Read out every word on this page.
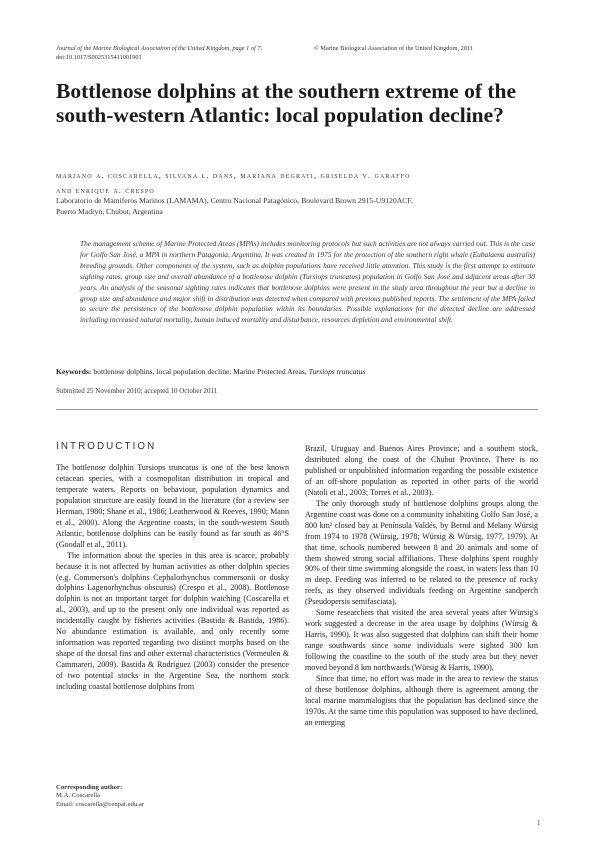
Journal of the Marine Biological Association of the United Kingdom, page 1 of 7.	© Marine Biological Association of the United Kingdom, 2011
doi:10.1017/S0025315411001901
Bottlenose dolphins at the southern extreme of the south-western Atlantic: local population decline?
mariano a. coscarella, silvana l. dans, mariana degrati, griselda v. garaffo
and enrique a. crespo
Laboratorio de Mamíferos Marinos (LAMAMA), Centro Nacional Patagónico, Boulevard Brown 2915-U9120ACF,
Puerto Madryn, Chubut, Argentina
The management scheme of Marine Protected Areas (MPAs) includes monitoring protocols but such activities are not always carried out. This is the case for Golfo San José, a MPA in northern Patagonia, Argentina. It was created in 1975 for the protection of the southern right whale (Eubalaena australis) breeding grounds. Other components of the system, such as dolphin populations have received little attention. This study is the first attempt to estimate sighting rates, group size and overall abundance of a bottlenose dolphin (Tursiops truncatus) population in Golfo San José and adjacent areas after 30 years. An analysis of the seasonal sighting rates indicates that bottlenose dolphins were present in the study area throughout the year but a decline in group size and abundance and major shift in distribution was detected when compared with previous published reports. The settlement of the MPA failed to secure the persistence of the bottlenose dolphin population within its boundaries. Possible explanations for the detected decline are addressed including increased natural mortality, human induced mortality and disturbance, resources depletion and environmental shift.
Keywords: bottlenose dolphins, local population decline, Marine Protected Areas, Tursiops truncatus
Submitted 25 November 2010; accepted 10 October 2011
INTRODUCTION

The bottlenose dolphin Tursiops truncatus is one of the best known cetacean species, with a cosmopolitan distribution in tropical and temperate waters. Reports on behaviour, population dynamics and population structure are easily found in the literature (for a review see Herman, 1980; Shane et al., 1986; Leatherwood & Reeves, 1990; Mann et al., 2000). Along the Argentine coasts, in the south-western South Atlantic, bottlenose dolphins can be easily found as far south as 46°S (Goodall et al., 2011).

The information about the species in this area is scarce, probably because it is not affected by human activities as other dolphin species (e.g. Commerson's dolphins Cephalorhynchus commersonii or dusky dolphins Lagenorhynchus obscurus) (Crespo et al., 2008). Bottlenose dolphin is not an important target for dolphin watching (Coscarella et al., 2003), and up to the present only one individual was reported as incidentally caught by fisheries activities (Bastida & Bastida, 1986). No abundance estimation is available, and only recently some information was reported regarding two distinct morphs based on the shape of the dorsal fins and other external characteristics (Vermeulen & Cammareri, 2009). Bastida & Rodríguez (2003) consider the presence of two potential stocks in the Argentine Sea, the northern stock including coastal bottlenose dolphins from

Brazil, Uruguay and Buenos Aires Province; and a southern stock, distributed along the coast of the Chubut Province. There is no published or unpublished information regarding the possible existence of an off-shore population as reported in other parts of the world (Natoli et al., 2003; Torres et al., 2003).

The only thorough study of bottlenose dolphins groups along the Argentine coast was done on a community inhabiting Golfo San José, a 800 km² closed bay at Península Valdés, by Bernd and Melany Würsig from 1974 to 1978 (Würsig, 1978; Würsig & Würsig, 1977, 1979). At that time, schools numbered between 8 and 20 animals and some of them showed strong social affiliations. These dolphins spent roughly 90% of their time swimming alongside the coast, in waters less than 10 m deep. Feeding was inferred to be related to the presence of rocky reefs, as they observed individuals feeding on Argentine sandperch (Pseudopersis semifasciata).

Some researchers that visited the area several years after Würsig's work suggested a decrease in the area usage by dolphins (Würsig & Harris, 1990). It was also suggested that dolphins can shift their home range southwards since some individuals were sighted 300 km following the coastline to the south of the study area but they never moved beyond 8 km northwards (Würsig & Harris, 1990).

Since that time, no effort was made in the area to review the status of these bottlenose dolphins, although there is agreement among the local marine mammalogists that the population has declined since the 1970s. At the same time this population was supposed to have declined, an emerging

Corresponding author:
M.A. Coscarella
Email: coscarella@cenpat.edu.ar
1
